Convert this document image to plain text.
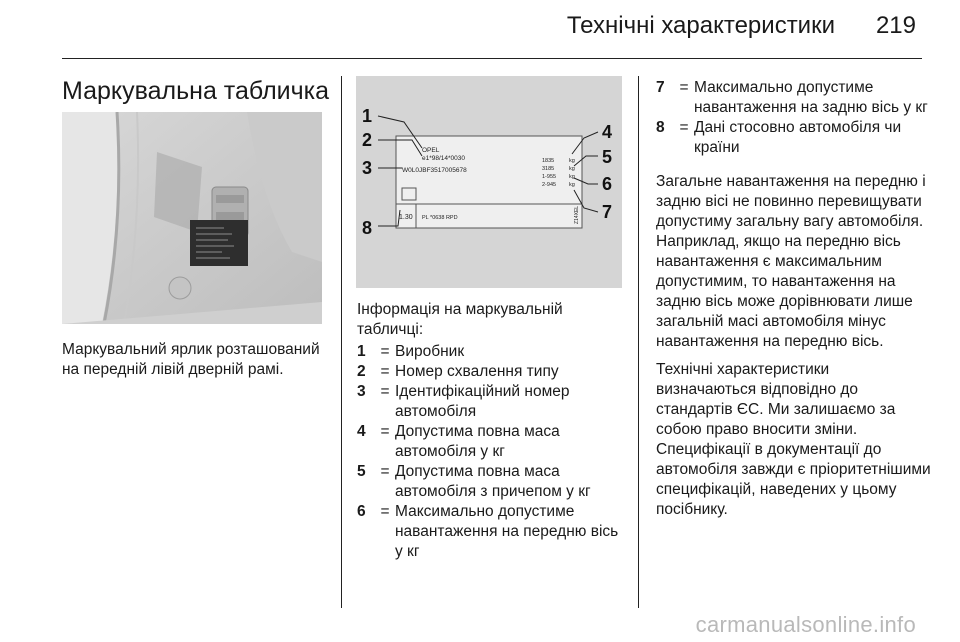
Технічні характеристики 219
Маркувальна табличка
Маркувальний ярлик розташований на передній лівій дверній рамі.
OPEL
e1*98/14*0030
W0L0JBF3517005678
1835
3185
1-955
2-945
kg
kg
kg
kg
1.30 PL *0638 RPD	Z14XEL
1
2
3
4
5
6
7
8

Інформація на маркувальній табличці:

1 = Виробник
2 = Номер схвалення типу
3 = Ідентифікаційний номер автомобіля
4 = Допустима повна маса автомобіля у кг
5 = Допустима повна маса автомобіля з причепом у кг
6 = Максимально допустиме навантаження на передню вісь у кг
7 = Максимально допустиме навантаження на задню вісь у кг
8 = Дані стосовно автомобіля чи країни

Загальне навантаження на передню і задню вісі не повинно перевищувати допустиму загальну вагу автомобіля. Наприклад, якщо на передню вісь навантаження є максимальним допустимим, то навантаження на задню вісь може дорівнювати лише загальній масі автомобіля мінус навантаження на передню вісь.

Технічні характеристики визначаються відповідно до стандартів ЄС. Ми залишаємо за собою право вносити зміни. Специфікації в документації до автомобіля завжди є пріоритетнішими специфікацій, наведених у цьому посібнику.

carmanualsonline.info
